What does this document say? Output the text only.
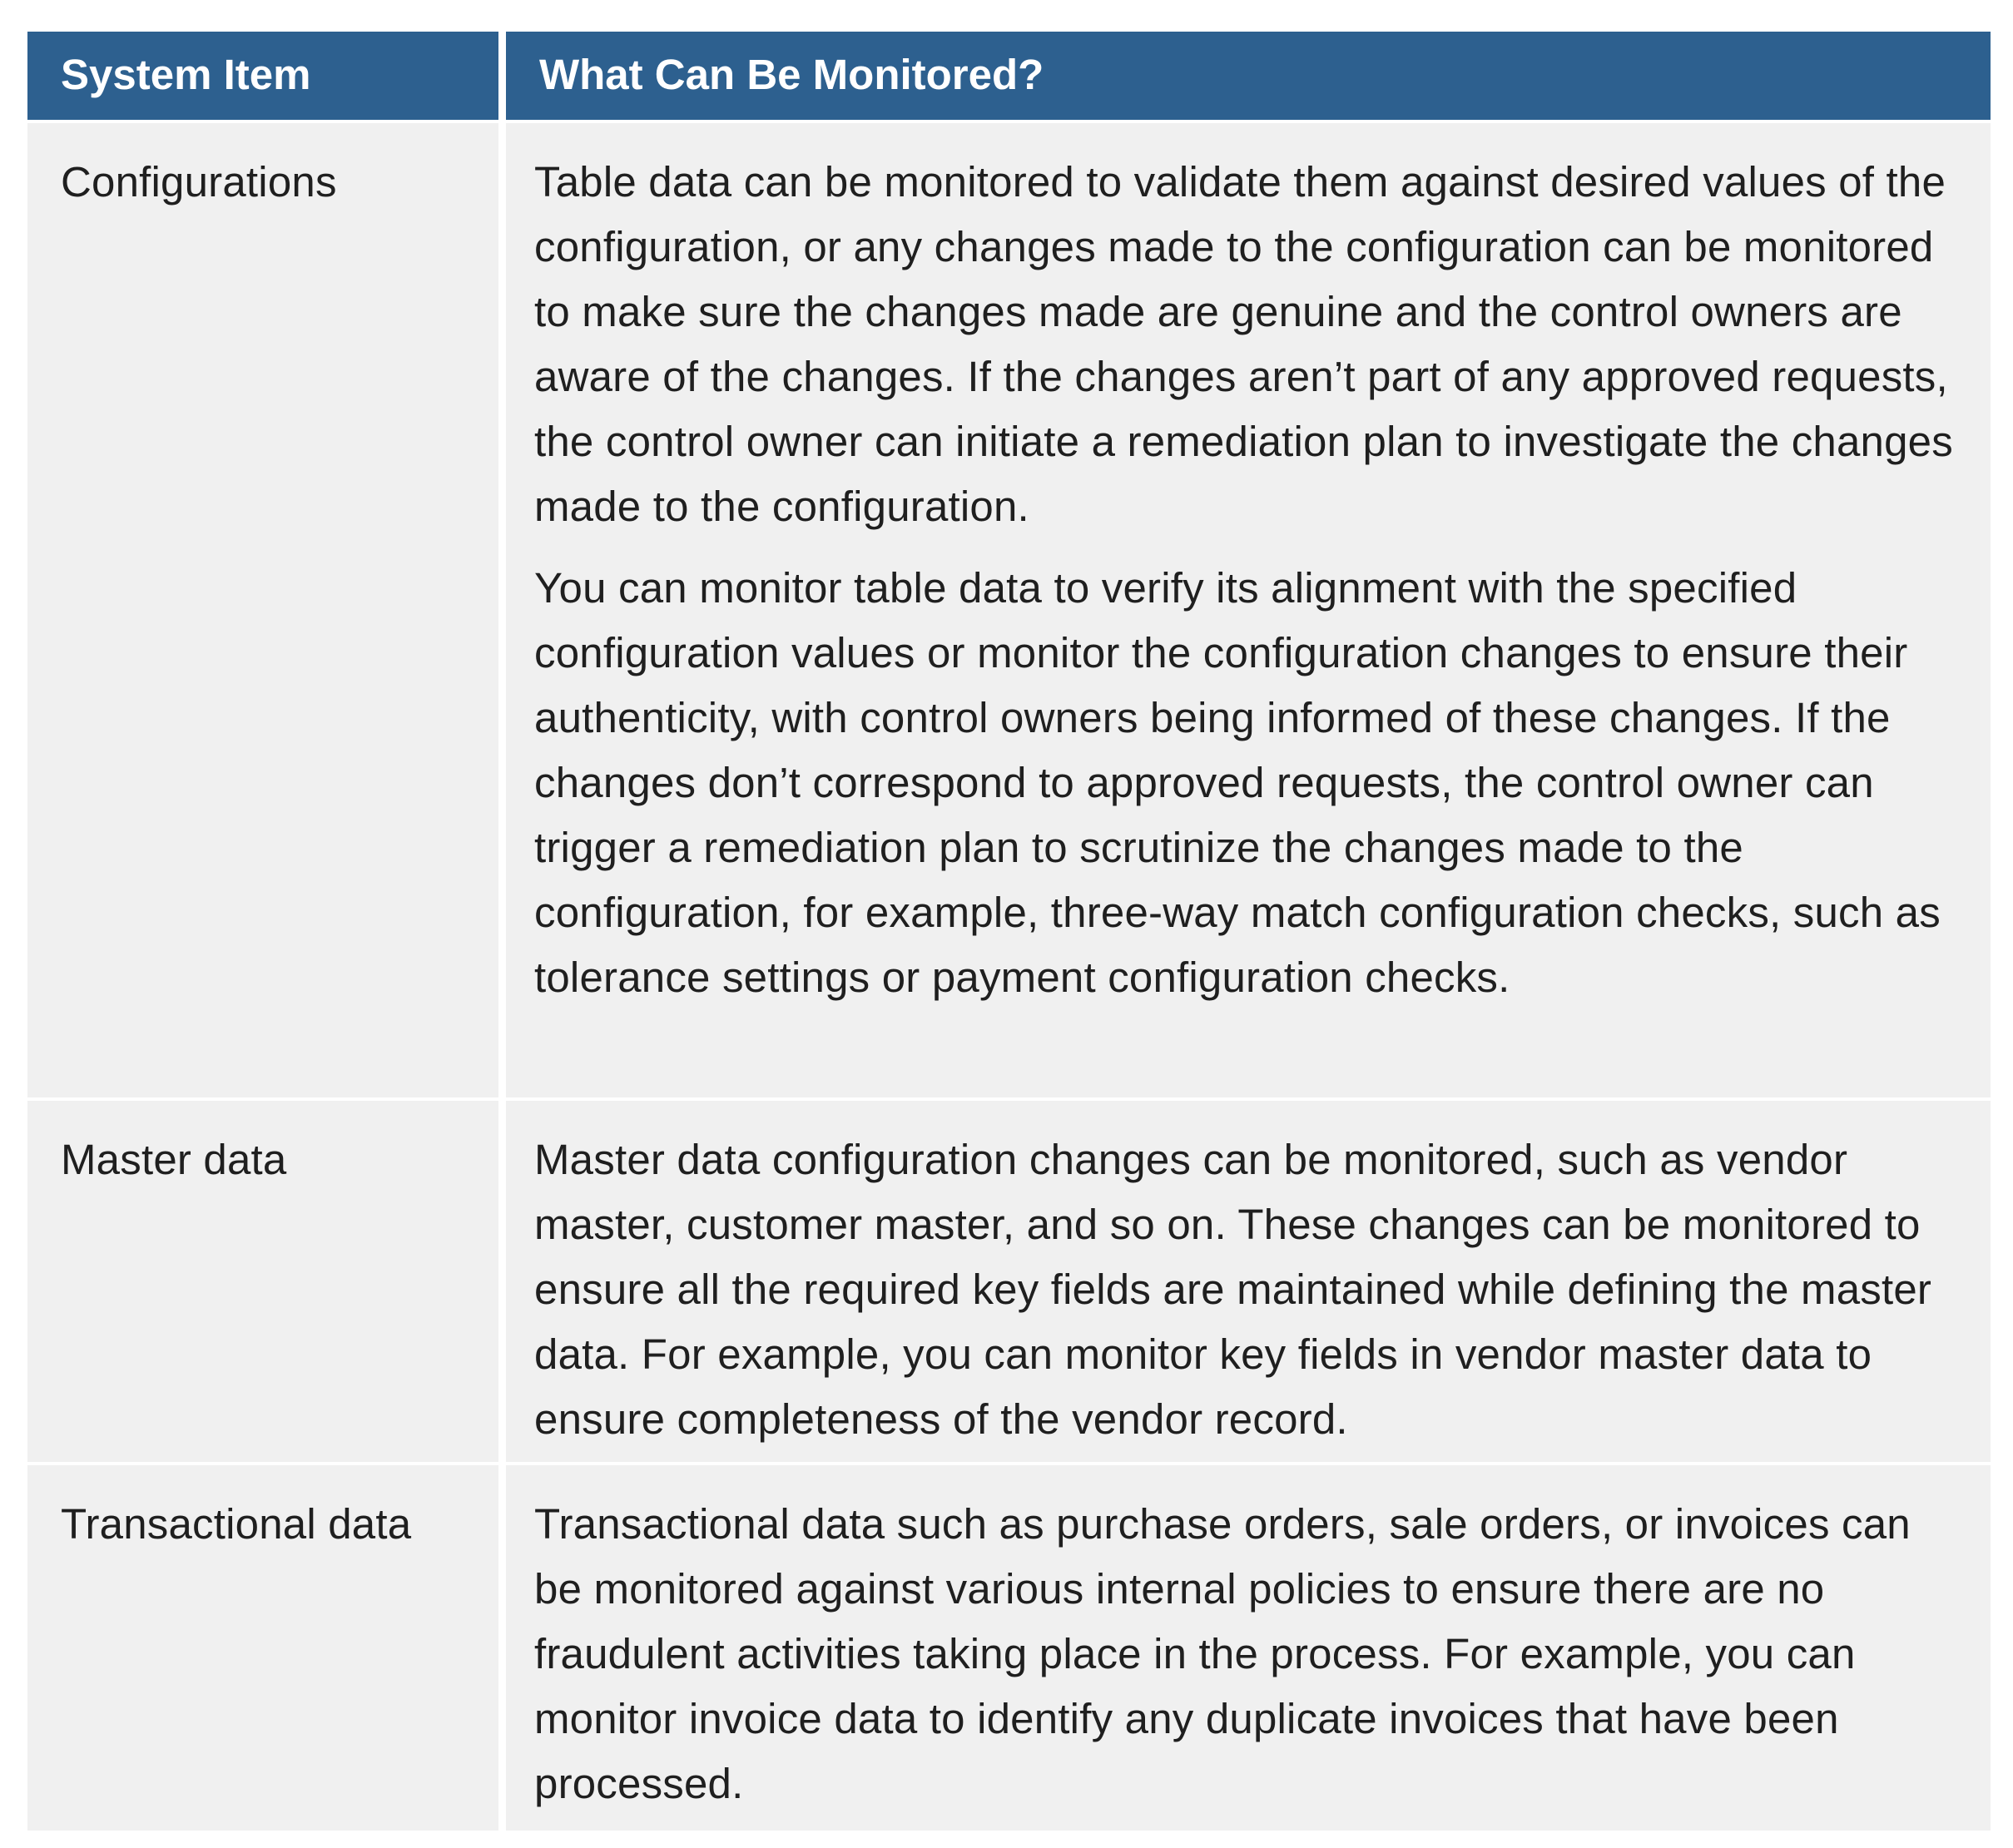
System Item	What Can Be Monitored?
Configurations	Table data can be monitored to validate them against desired values of the configuration, or any changes made to the configuration can be monitored to make sure the changes made are genuine and the control owners are aware of the changes. If the changes aren’t part of any approved requests, the control owner can initiate a remediation plan to investigate the changes made to the configuration.

You can monitor table data to verify its alignment with the specified configuration values or monitor the configuration changes to ensure their authenticity, with control owners being informed of these changes. If the changes don’t correspond to approved requests, the control owner can trigger a remediation plan to scrutinize the changes made to the configuration, for example, three-way match configuration checks, such as tolerance settings or payment configuration checks.

Master data	Master data configuration changes can be monitored, such as vendor master, customer master, and so on. These changes can be monitored to ensure all the required key fields are maintained while defining the master data. For example, you can monitor key fields in vendor master data to ensure completeness of the vendor record.

Transactional data	Transactional data such as purchase orders, sale orders, or invoices can be monitored against various internal policies to ensure there are no fraudulent activities taking place in the process. For example, you can monitor invoice data to identify any duplicate invoices that have been processed.
